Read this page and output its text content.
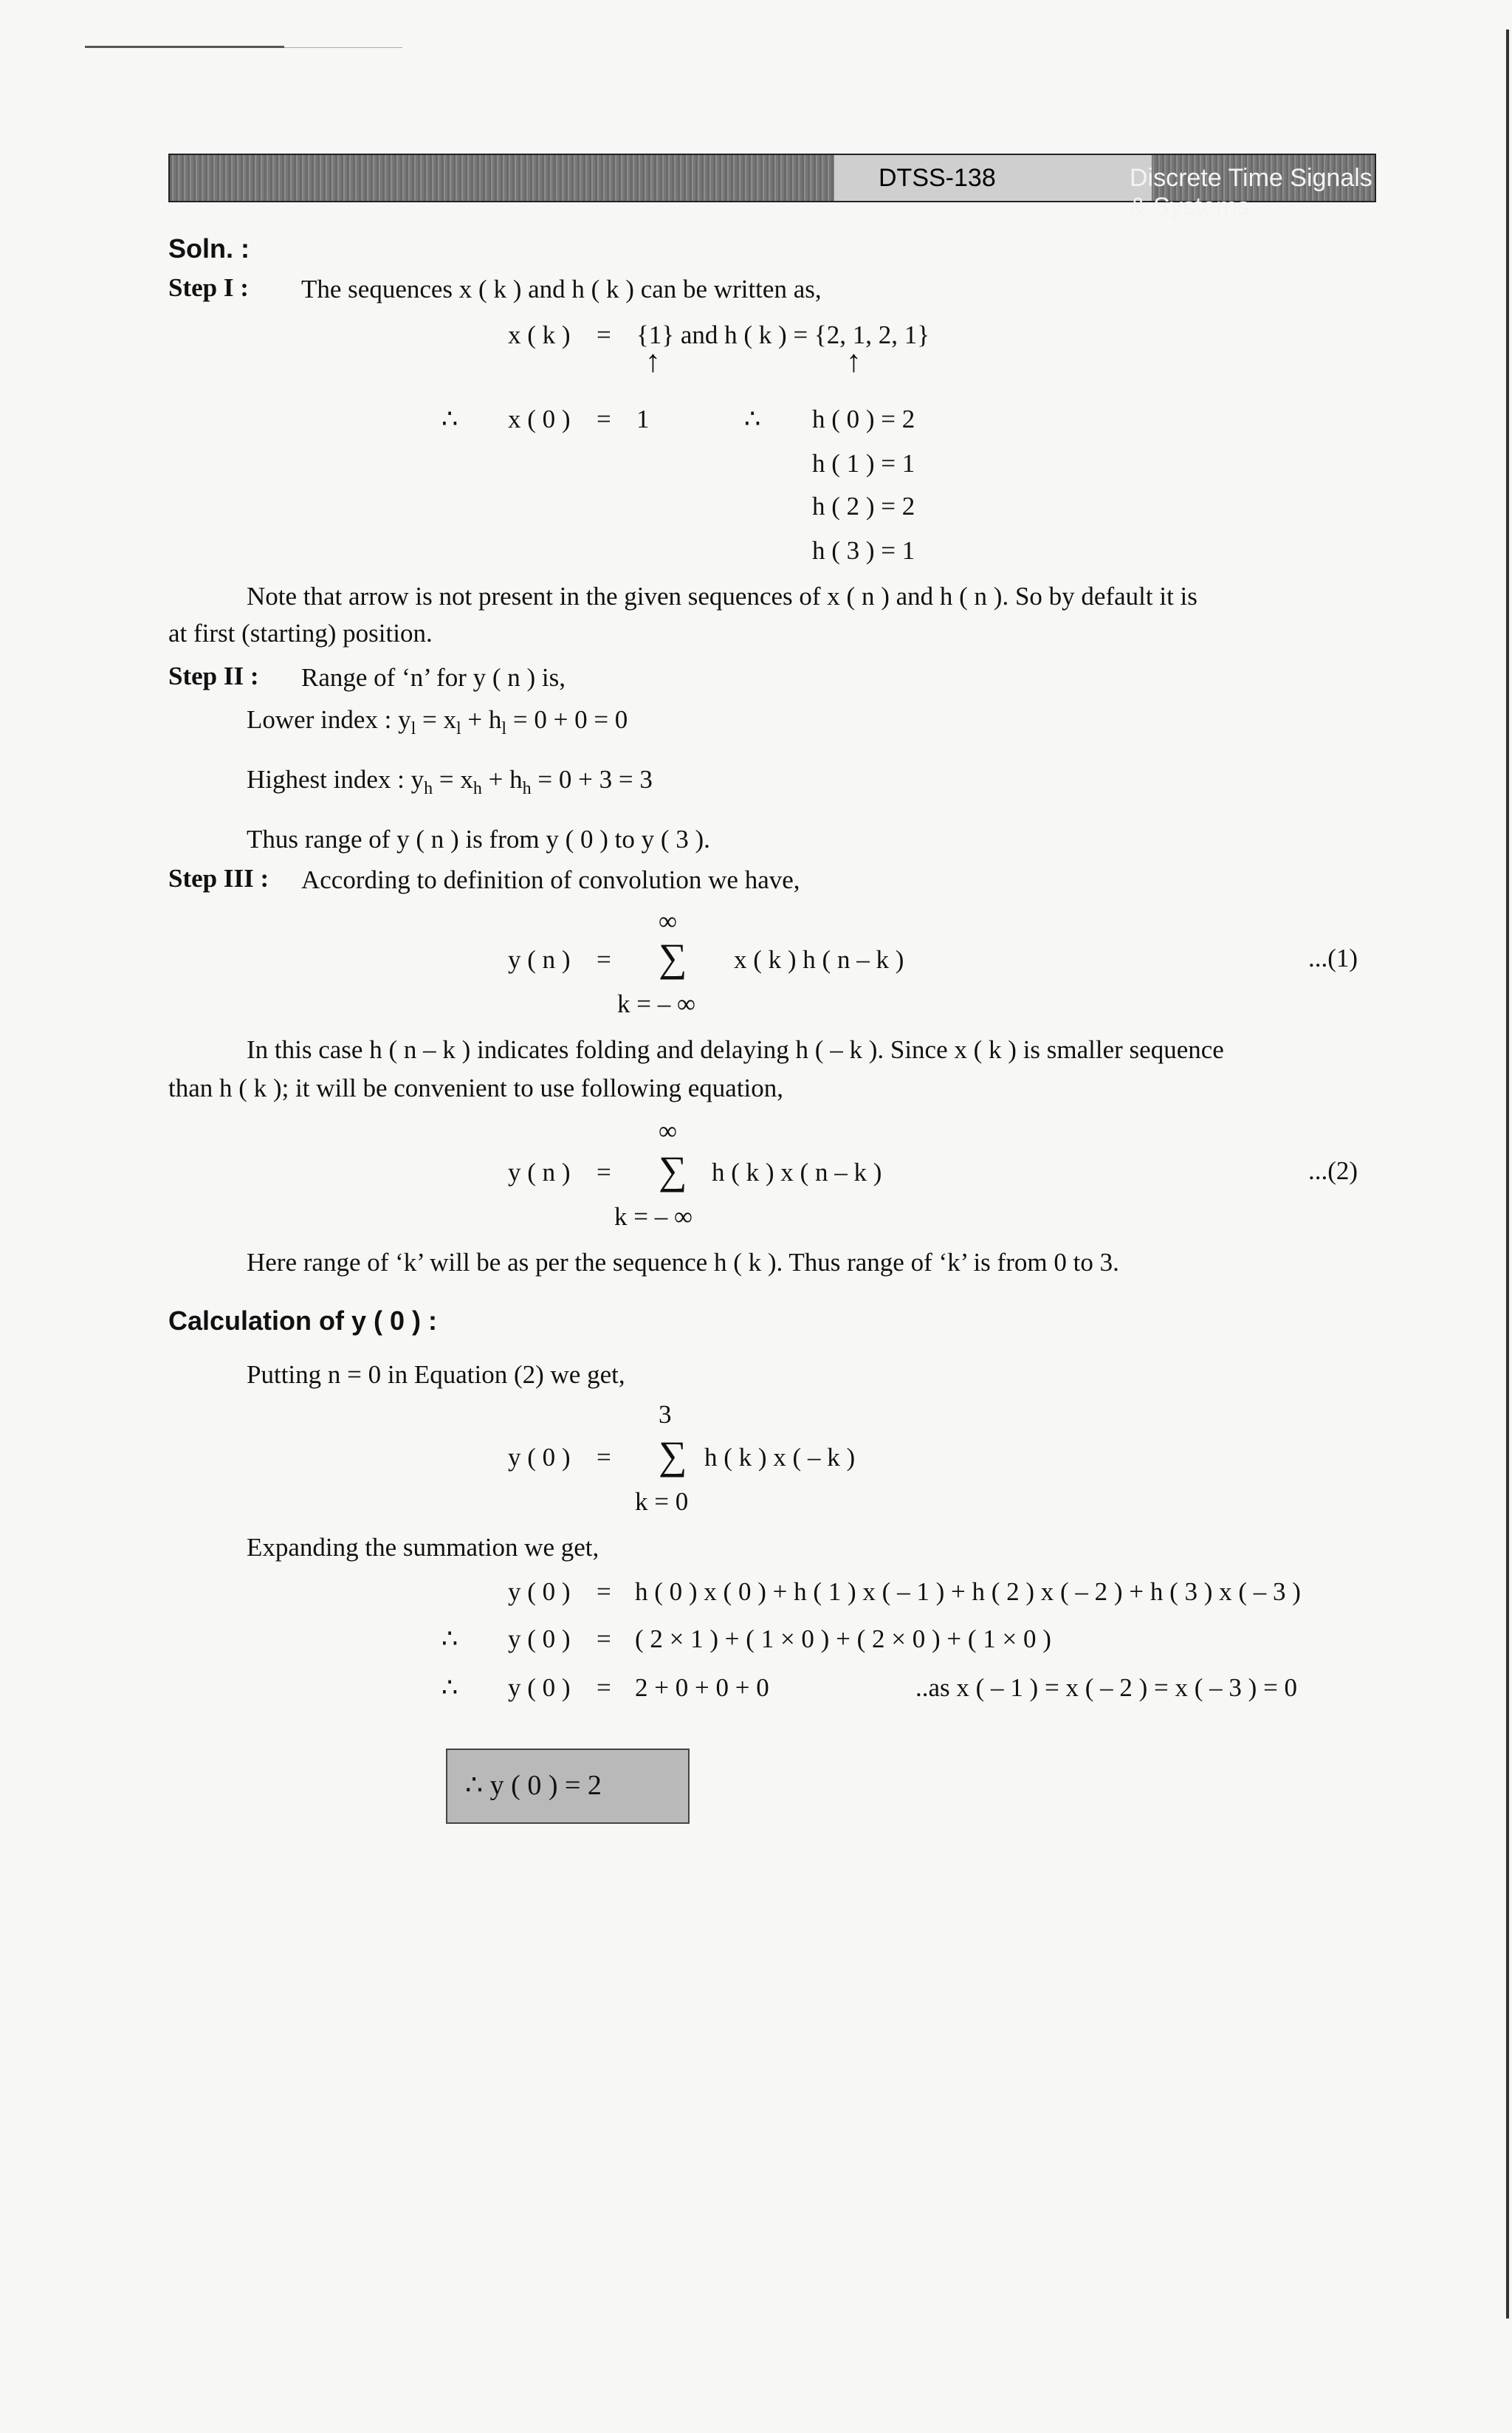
DTSS-138	Discrete Time Signals & Systems
Soln. :
Step I : The sequences x ( k ) and h ( k ) can be written as,
x ( k ) = {1} and h ( k ) = {2, 1, 2, 1}
↑	↑
∴ x ( 0 ) = 1	∴ h ( 0 ) = 2
h ( 1 ) = 1
h ( 2 ) = 2
h ( 3 ) = 1
Note that arrow is not present in the given sequences of x ( n ) and h ( n ). So by default it is
at first (starting) position.
Step II : Range of ‘n’ for y ( n ) is,
Lower index : $y_l = x_l + h_l = 0 + 0 = 0$
Highest index : $y_h = x_h + h_h = 0 + 3 = 3$
Thus range of y ( n ) is from y ( 0 ) to y ( 3 ).
Step III : According to definition of convolution we have,
∞
y ( n ) = ∑ x ( k ) h ( n – k )
k = – ∞
...(1)
In this case h ( n – k ) indicates folding and delaying h ( – k ). Since x ( k ) is smaller sequence
than h ( k ); it will be convenient to use following equation,
∞
y ( n ) = ∑ h ( k ) x ( n – k )
k = – ∞
...(2)
Here range of ‘k’ will be as per the sequence h ( k ). Thus range of ‘k’ is from 0 to 3.
Calculation of y ( 0 ) :
Putting n = 0 in Equation (2) we get,
3
y ( 0 ) = ∑ h ( k ) x ( – k )
k = 0
Expanding the summation we get,
y ( 0 ) = h ( 0 ) x ( 0 ) + h ( 1 ) x ( – 1 ) + h ( 2 ) x ( – 2 ) + h ( 3 ) x ( – 3 )
∴ y ( 0 ) = ( 2 × 1 ) + ( 1 × 0 ) + ( 2 × 0 ) + ( 1 × 0 )
∴ y ( 0 ) = 2 + 0 + 0 + 0	..as x ( – 1 ) = x ( – 2 ) = x ( – 3 ) = 0
∴ y ( 0 ) = 2
